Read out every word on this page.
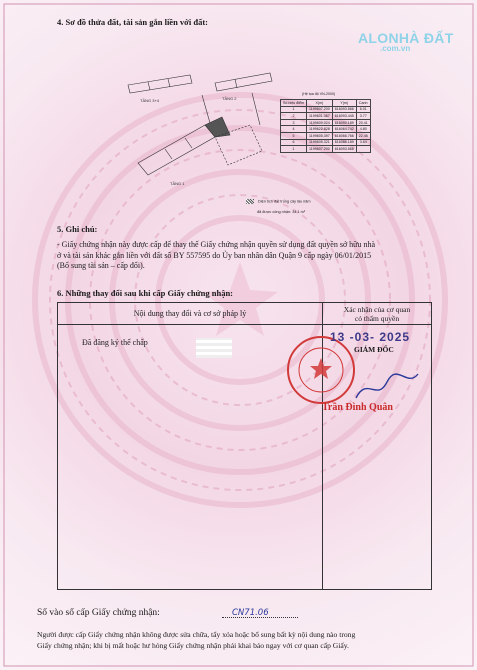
ALONHÀ ĐẤT
.com.vn
4. Sơ đồ thửa đất, tài sản gắn liền với đất:
TẦNG 3+4	TẦNG 2
TẦNG 1
Diện tích đất trống cây lâu năm
đã được công nhận: 34,1 m²
(Hệ tọa độ VN-2000)
Số hiệu điểm	X(m)	Y(m)	Cạnh
1	1199607.200	616093.566	6.01
2	1199601.367	616093.445	3.77
3	1199609.024	616090.189	20.41
4	1199622.828	616064.742	4.80
5	1199605.397	616066.766	22.45
6	1199605.321	616088.189	3.64
1	1199607.200	616093.566	
5. Ghi chú:
- Giấy chứng nhận này được cấp để thay thế Giấy chứng nhận quyền sử dụng đất quyền sở hữu nhà
ở và tài sản khác gắn liền với đất số BY 557595 do Ủy ban nhân dân Quận 9 cấp ngày 06/01/2015
(Bổ sung tài sản – cấp đổi).
6. Những thay đổi sau khi cấp Giấy chứng nhận:
Nội dung thay đổi và cơ sở pháp lý
Đã đăng ký thế chấp
Xác nhận của cơ quan
có thẩm quyền
13 -03- 2025
GIÁM ĐỐC
Trần Đình Quân
Số vào sổ cấp Giấy chứng nhận:	CN71.06
Người được cấp Giấy chứng nhận không được sửa chữa, tẩy xóa hoặc bổ sung bất kỳ nội dung nào trong
Giấy chứng nhận; khi bị mất hoặc hư hỏng Giấy chứng nhận phải khai báo ngay với cơ quan cấp Giấy.
